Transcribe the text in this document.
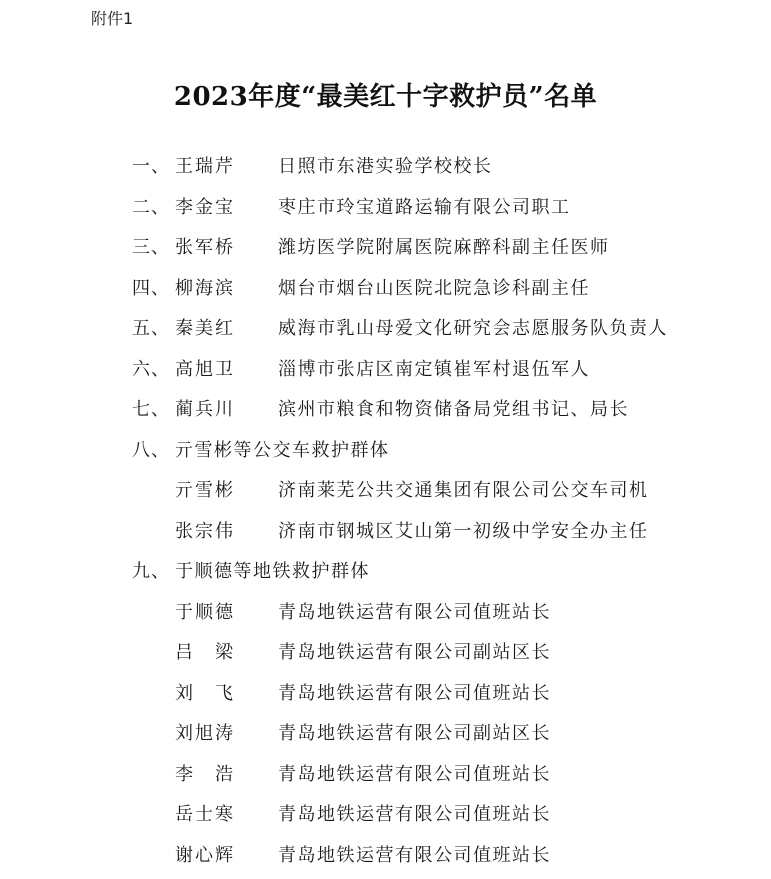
附件1
2023年度“最美红十字救护员”名单
一、 王瑞芹 日照市东港实验学校校长
二、 李金宝 枣庄市玲宝道路运输有限公司职工
三、 张军桥 潍坊医学院附属医院麻醉科副主任医师
四、 柳海滨 烟台市烟台山医院北院急诊科副主任
五、 秦美红 威海市乳山母爱文化研究会志愿服务队负责人
六、 高旭卫 淄博市张店区南定镇崔军村退伍军人
七、 蔺兵川 滨州市粮食和物资储备局党组书记、局长
八、 亓雪彬等公交车救护群体
亓雪彬 济南莱芜公共交通集团有限公司公交车司机
张宗伟 济南市钢城区艾山第一初级中学安全办主任
九、 于顺德等地铁救护群体
于顺德 青岛地铁运营有限公司值班站长
吕　梁 青岛地铁运营有限公司副站区长
刘　飞 青岛地铁运营有限公司值班站长
刘旭涛 青岛地铁运营有限公司副站区长
李　浩 青岛地铁运营有限公司值班站长
岳士寒 青岛地铁运营有限公司值班站长
谢心辉 青岛地铁运营有限公司值班站长
